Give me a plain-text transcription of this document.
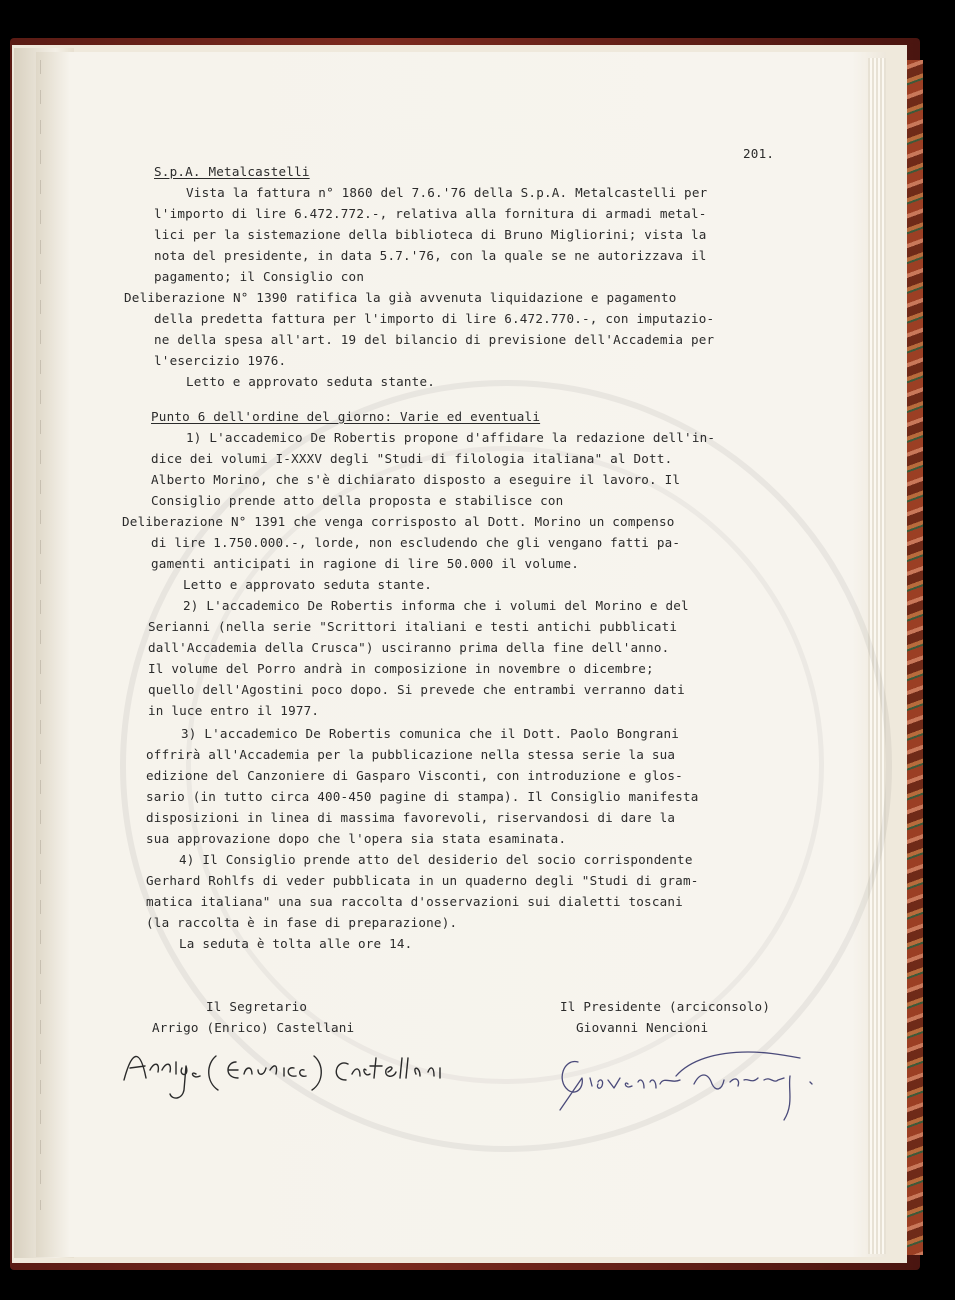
201.
S.p.A. Metalcastelli
Vista la fattura n° 1860 del 7.6.'76 della S.p.A. Metalcastelli per
l'importo di lire 6.472.772.-, relativa alla fornitura di armadi metal-
lici per la sistemazione della biblioteca di Bruno Migliorini; vista la
nota del presidente, in data 5.7.'76, con la quale se ne autorizzava il
pagamento; il Consiglio con
Deliberazione N° 1390 ratifica la già avvenuta liquidazione e pagamento
della predetta fattura per l'importo di lire 6.472.770.-, con imputazio-
ne della spesa all'art. 19 del bilancio di previsione dell'Accademia per
l'esercizio 1976.
Letto e approvato seduta stante.
Punto 6 dell'ordine del giorno: Varie ed eventuali
1) L'accademico De Robertis propone d'affidare la redazione dell'in-
dice dei volumi I-XXXV degli "Studi di filologia italiana" al Dott.
Alberto Morino, che s'è dichiarato disposto a eseguire il lavoro. Il
Consiglio prende atto della proposta e stabilisce con
Deliberazione N° 1391 che venga corrisposto al Dott. Morino un compenso
di lire 1.750.000.-, lorde, non escludendo che gli vengano fatti pa-
gamenti anticipati in ragione di lire 50.000 il volume.
Letto e approvato seduta stante.
2) L'accademico De Robertis informa che i volumi del Morino e del
Serianni (nella serie "Scrittori italiani e testi antichi pubblicati
dall'Accademia della Crusca") usciranno prima della fine dell'anno.
Il volume del Porro andrà in composizione in novembre o dicembre;
quello dell'Agostini poco dopo. Si prevede che entrambi verranno dati
in luce entro il 1977.
3) L'accademico De Robertis comunica che il Dott. Paolo Bongrani
offrirà all'Accademia per la pubblicazione nella stessa serie la sua
edizione del Canzoniere di Gasparo Visconti, con introduzione e glos-
sario (in tutto circa 400-450 pagine di stampa). Il Consiglio manifesta
disposizioni in linea di massima favorevoli, riservandosi di dare la
sua approvazione dopo che l'opera sia stata esaminata.
4) Il Consiglio prende atto del desiderio del socio corrispondente
Gerhard Rohlfs di veder pubblicata in un quaderno degli "Studi di gram-
matica italiana" una sua raccolta d'osservazioni sui dialetti toscani
(la raccolta è in fase di preparazione).
La seduta è tolta alle ore 14.
Il Segretario
Arrigo (Enrico) Castellani
Il Presidente (arciconsolo)
Giovanni Nencioni
